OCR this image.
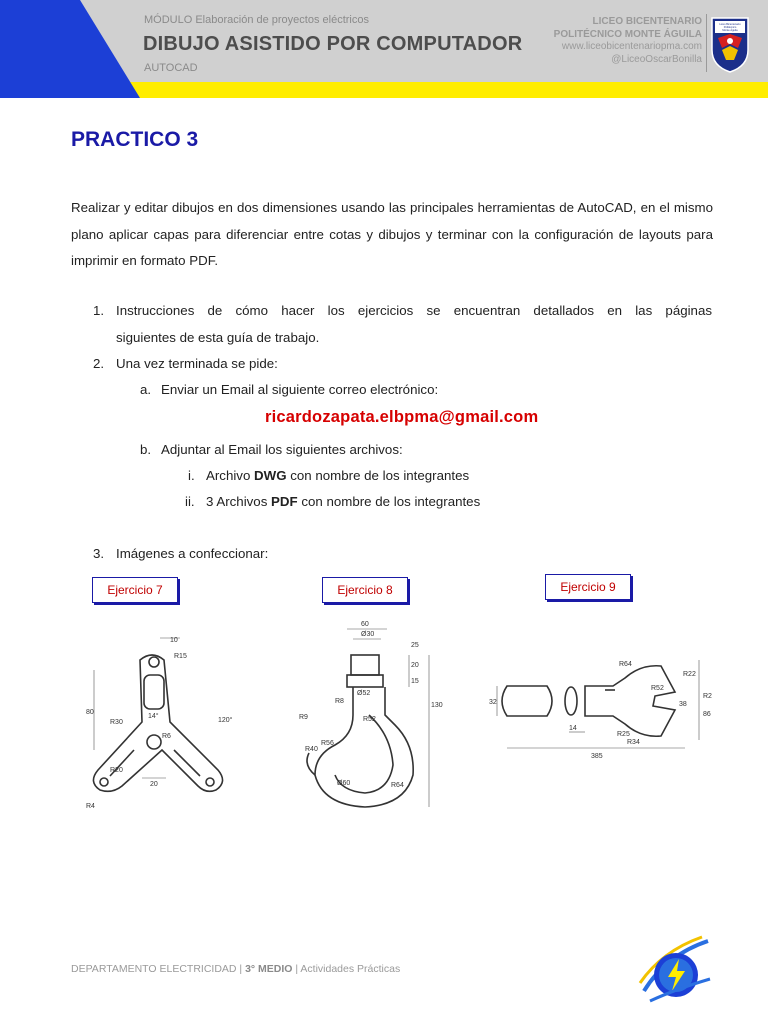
MÓDULO Elaboración de proyectos eléctricos
DIBUJO ASISTIDO POR COMPUTADOR
AUTOCAD
LICEO BICENTENARIO
POLITÉCNICO MONTE ÁGUILA
www.liceobicentenariopma.com
@LiceoOscarBonilla
Liceo Bicentenario
Politécnico
Monte Águila
PRACTICO 3
Realizar y editar dibujos en dos dimensiones usando las principales herramientas de AutoCAD, en el mismo plano aplicar capas para diferenciar entre cotas y dibujos y terminar con la configuración de layouts para imprimir en formato PDF.
1. Instrucciones de cómo hacer los ejercicios se encuentran detallados en las páginas
siguientes de esta guía de trabajo.
2. Una vez terminada se pide:
a. Enviar un Email al siguiente correo electrónico:
ricardozapata.elbpma@gmail.com
b. Adjuntar al Email los siguientes archivos:
i. Archivo DWG con nombre de los integrantes
ii. 3 Archivos PDF con nombre de los integrantes
3. Imágenes a confeccionar:
Ejercicio 7	Ejercicio 8	Ejercicio 9
10
R15
80
R30
14°
120°
R6
R20
20
R4
60
Ø30
Ø52
R8
R52
R9
R40
R56
Ø60	R64
25
20
15
130	32
14
385
R64
R22
R52
38
R25
R34
R2
86
DEPARTAMENTO ELECTRICIDAD | 3° MEDIO | Actividades Prácticas
